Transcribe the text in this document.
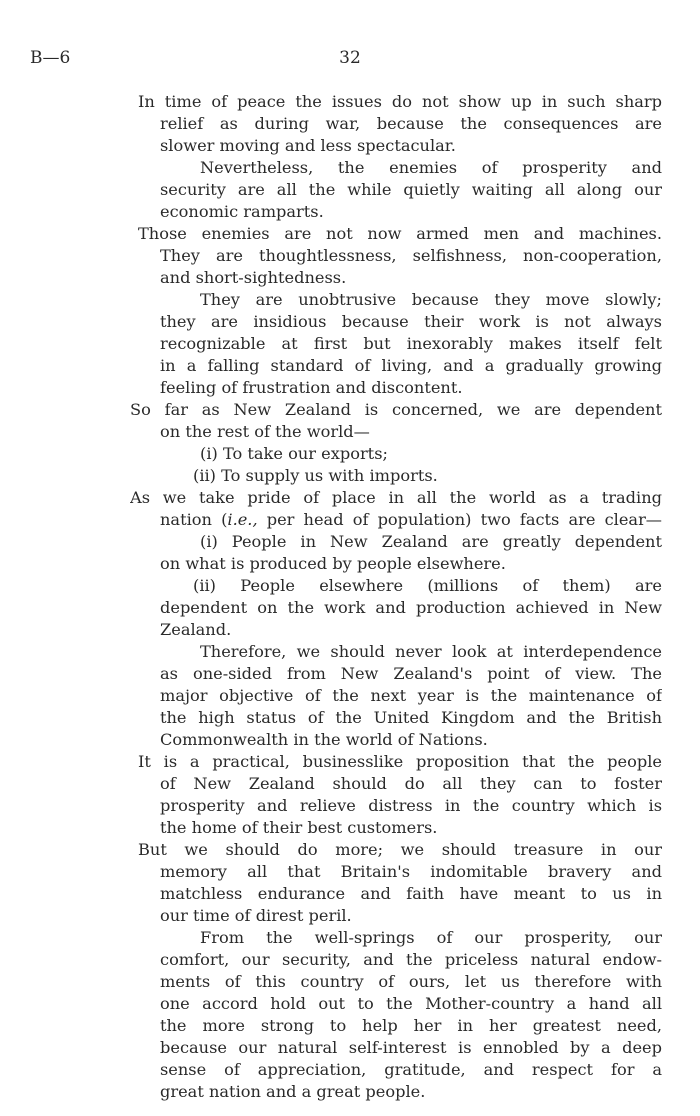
B—6	32
In time of peace the issues do not show up in such sharp
relief as during war, because the consequences are
slower moving and less spectacular.
Nevertheless, the enemies of prosperity and
security are all the while quietly waiting all along our
economic ramparts.
Those enemies are not now armed men and machines.
They are thoughtlessness, selfishness, non-cooperation,
and short-sightedness.
They are unobtrusive because they move slowly;
they are insidious because their work is not always
recognizable at first but inexorably makes itself felt
in a falling standard of living, and a gradually growing
feeling of frustration and discontent.
So far as New Zealand is concerned, we are dependent
on the rest of the world—
(i) To take our exports;
(ii) To supply us with imports.
As we take pride of place in all the world as a trading
nation (i.e., per head of population) two facts are clear—
(i) People in New Zealand are greatly dependent
on what is produced by people elsewhere.
(ii) People elsewhere (millions of them) are
dependent on the work and production achieved in New
Zealand.
Therefore, we should never look at interdependence
as one-sided from New Zealand's point of view. The
major objective of the next year is the maintenance of
the high status of the United Kingdom and the British
Commonwealth in the world of Nations.
It is a practical, businesslike proposition that the people
of New Zealand should do all they can to foster
prosperity and relieve distress in the country which is
the home of their best customers.
But we should do more; we should treasure in our
memory all that Britain's indomitable bravery and
matchless endurance and faith have meant to us in
our time of direst peril.
From the well-springs of our prosperity, our
comfort, our security, and the priceless natural endow-
ments of this country of ours, let us therefore with
one accord hold out to the Mother-country a hand all
the more strong to help her in her greatest need,
because our natural self-interest is ennobled by a deep
sense of appreciation, gratitude, and respect for a
great nation and a great people.
